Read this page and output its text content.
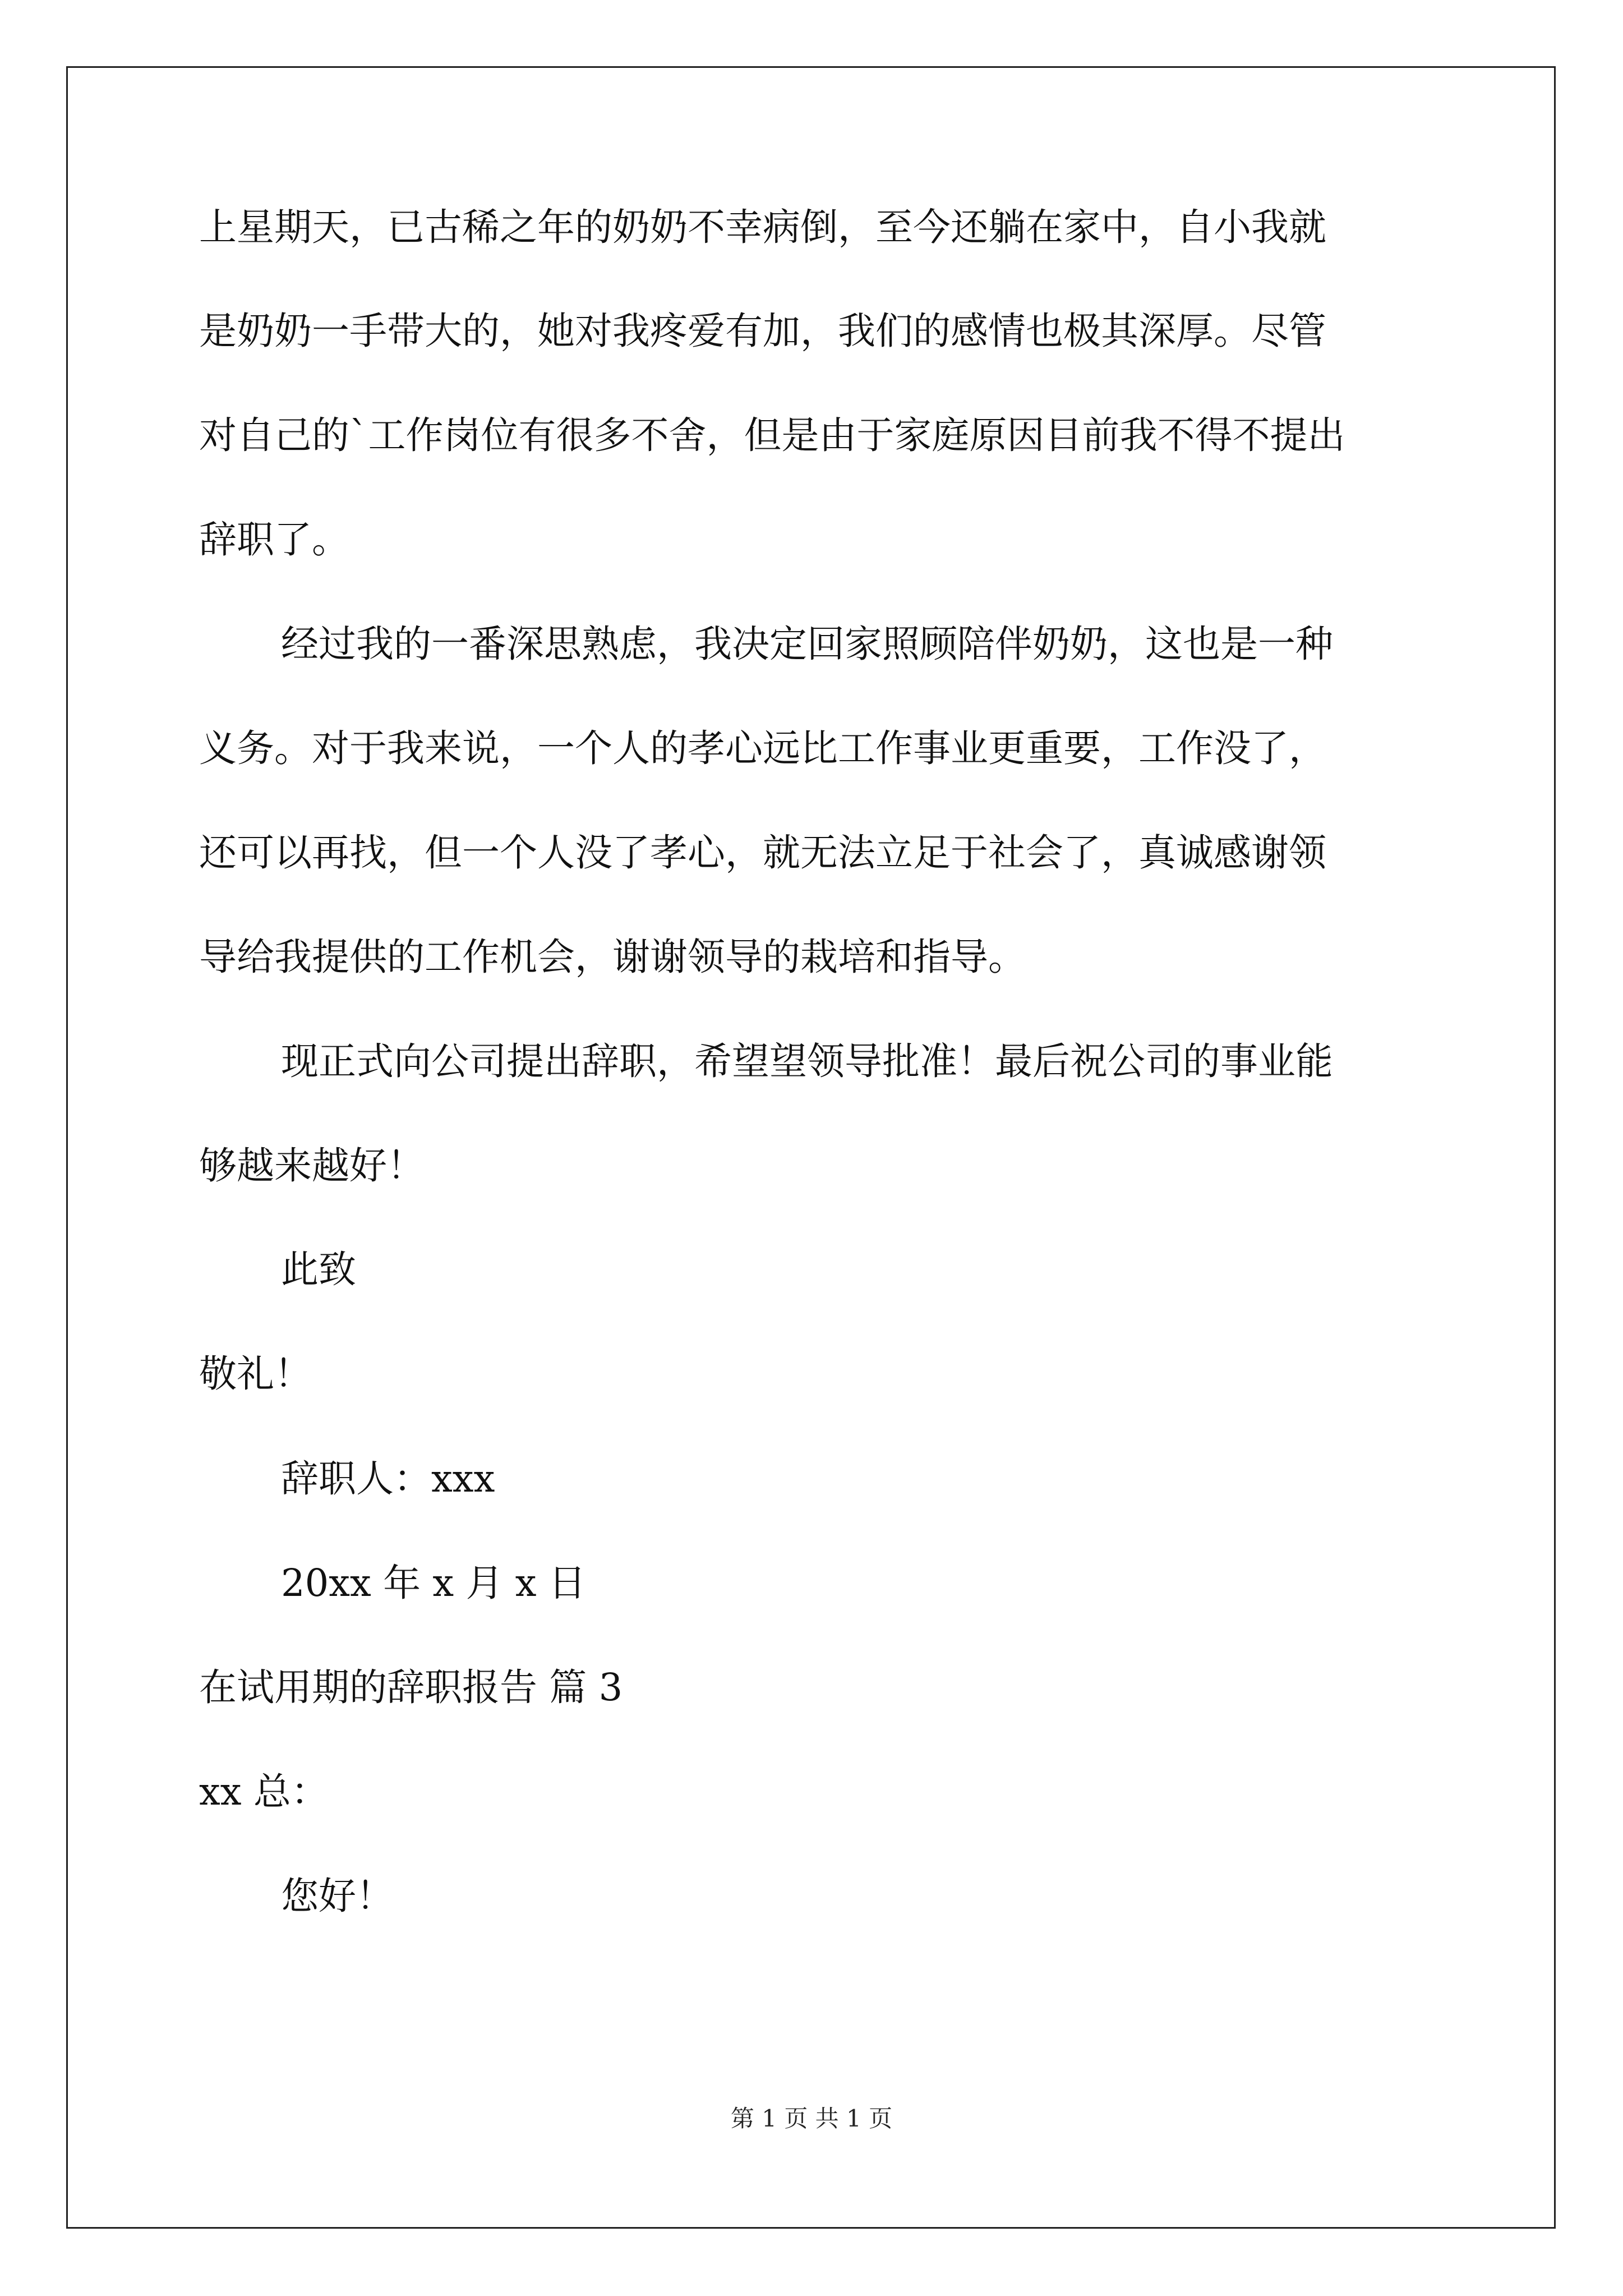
上星期天，已古稀之年的奶奶不幸病倒，至今还躺在家中，自小我就
是奶奶一手带大的，她对我疼爱有加，我们的感情也极其深厚。尽管
对自己的`工作岗位有很多不舍，但是由于家庭原因目前我不得不提出
辞职了。
经过我的一番深思熟虑，我决定回家照顾陪伴奶奶，这也是一种
义务。对于我来说，一个人的孝心远比工作事业更重要，工作没了，
还可以再找，但一个人没了孝心，就无法立足于社会了，真诚感谢领
导给我提供的工作机会，谢谢领导的栽培和指导。
现正式向公司提出辞职，希望望领导批准！最后祝公司的事业能
够越来越好！
此致
敬礼！
辞职人：xxx
20xx 年 x 月 x 日
在试用期的辞职报告 篇 3
xx 总：
您好！
第 1 页 共 1 页
